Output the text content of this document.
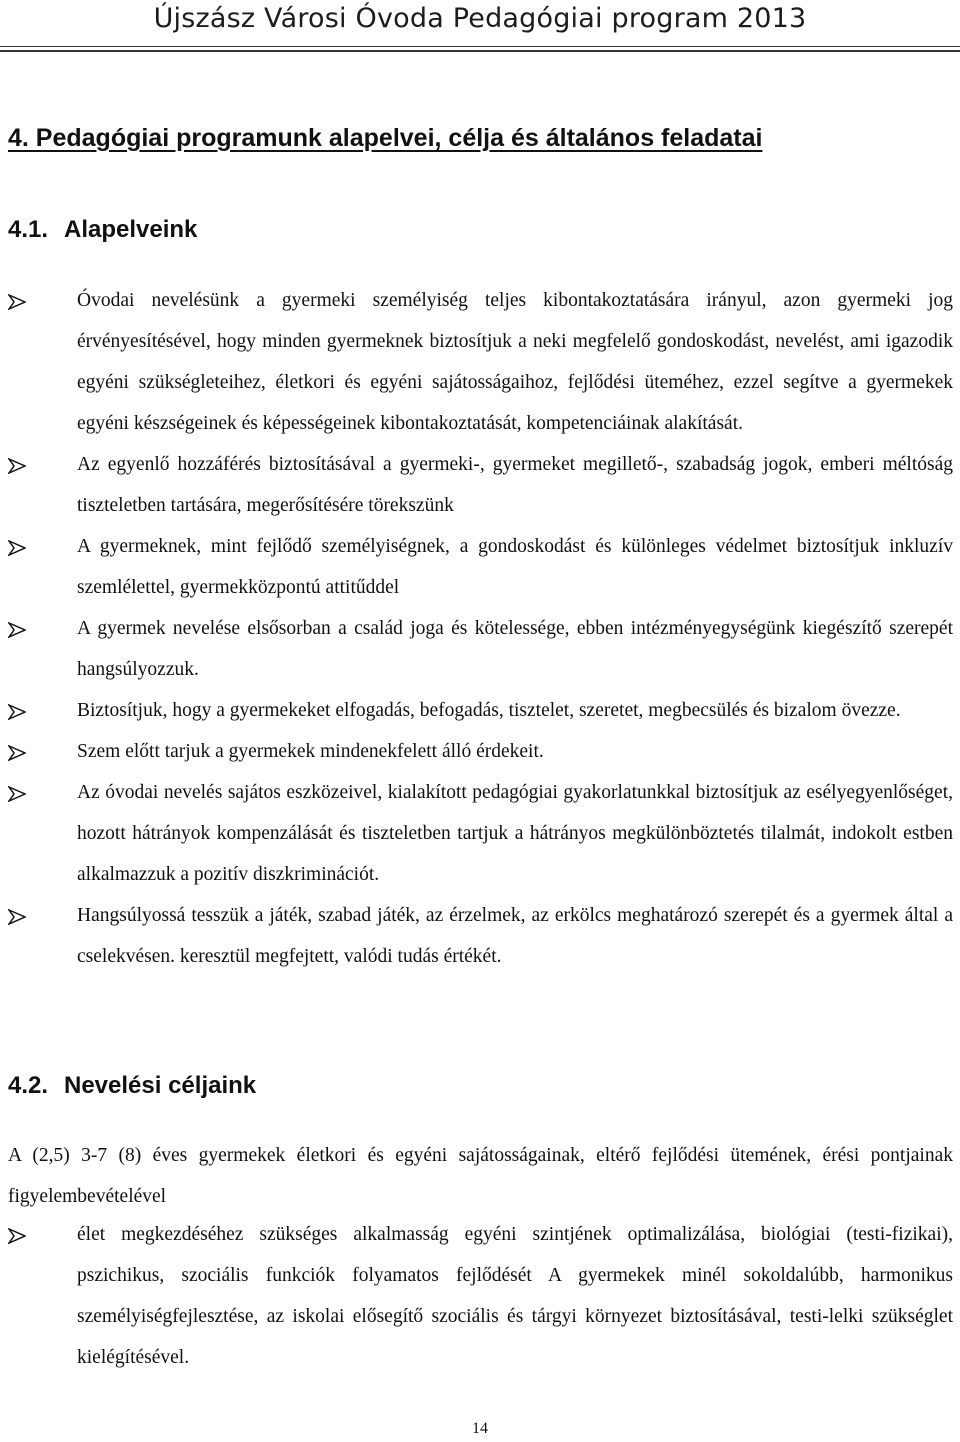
Újszász Városi Óvoda Pedagógiai program 2013
4. Pedagógiai programunk alapelvei, célja és általános feladatai
4.1. Alapelveink
Óvodai nevelésünk a gyermeki személyiség teljes kibontakoztatására irányul, azon gyermeki jog érvényesítésével, hogy minden gyermeknek biztosítjuk a neki megfelelő gondoskodást, nevelést, ami igazodik egyéni szükségleteihez, életkori és egyéni sajátosságaihoz, fejlődési üteméhez, ezzel segítve a gyermekek egyéni készségeinek és képességeinek kibontakoztatását, kompetenciáinak alakítását.
Az egyenlő hozzáférés biztosításával a gyermeki-, gyermeket megillető-, szabadság jogok, emberi méltóság tiszteletben tartására, megerősítésére törekszünk
A gyermeknek, mint fejlődő személyiségnek, a gondoskodást és különleges védelmet biztosítjuk inkluzív szemlélettel, gyermekközpontú attitűddel
A gyermek nevelése elsősorban a család joga és kötelessége, ebben intézményegységünk kiegészítő szerepét hangsúlyozzuk.
Biztosítjuk, hogy a gyermekeket elfogadás, befogadás, tisztelet, szeretet, megbecsülés és bizalom övezze.
Szem előtt tarjuk a gyermekek mindenekfelett álló érdekeit.
Az óvodai nevelés sajátos eszközeivel, kialakított pedagógiai gyakorlatunkkal biztosítjuk az esélyegyenlőséget, hozott hátrányok kompenzálását és tiszteletben tartjuk a hátrányos megkülönböztetés tilalmát, indokolt estben alkalmazzuk a pozitív diszkriminációt.
Hangsúlyossá tesszük a játék, szabad játék, az érzelmek, az erkölcs meghatározó szerepét és a gyermek által a cselekvésen. keresztül megfejtett, valódi tudás értékét.
4.2. Nevelési céljaink
A (2,5) 3-7 (8) éves gyermekek életkori és egyéni sajátosságainak, eltérő fejlődési ütemének, érési pontjainak figyelembevételével
élet megkezdéséhez szükséges alkalmasság egyéni szintjének optimalizálása, biológiai (testi-fizikai), pszichikus, szociális funkciók folyamatos fejlődését A gyermekek minél sokoldalúbb, harmonikus személyiségfejlesztése, az iskolai elősegítő szociális és tárgyi környezet biztosításával, testi-lelki szükséglet kielégítésével.
14
